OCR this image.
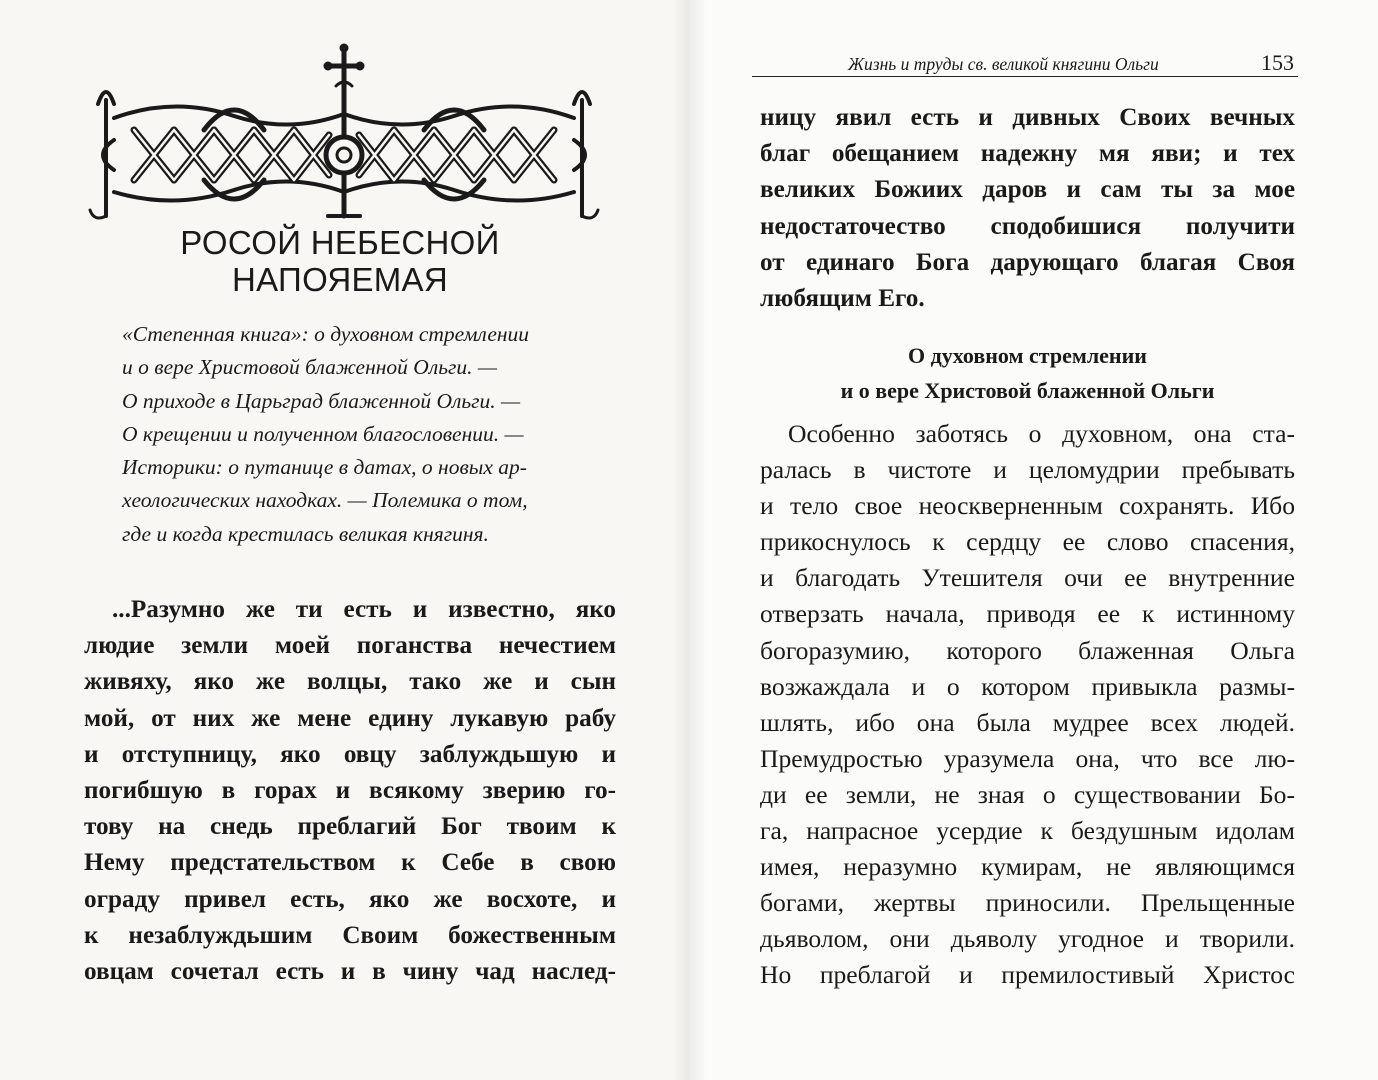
РОСОЙ НЕБЕСНОЙ
НАПОЯЕМАЯ
«Степенная книга»: о духовном стремлении
и о вере Христовой блаженной Ольги. —
О приходе в Царьград блаженной Ольги. —
О крещении и полученном благословении. —
Историки: о путанице в датах, о новых ар-
хеологических находках. — Полемика о том,
где и когда крестилась великая княгиня.
...Разумно же ти есть и известно, яко
людие земли моей поганства нечестием
живяху, яко же волцы, тако же и сын
мой, от них же мене едину лукавую рабу
и отступницу, яко овцу заблуждьшую и
погибшую в горах и всякому зверию го-
тову на снедь преблагий Бог твоим к
Нему предстательством к Себе в свою
ограду привел есть, яко же восхоте, и
к незаблуждьшим Своим божественным
овцам сочетал есть и в чину чад наслед-
Жизнь и труды св. великой княгини Ольги	153
ницу явил есть и дивных Своих вечных
благ обещанием надежну мя яви; и тех
великих Божиих даров и сам ты за мое
недостаточество сподобишися получити
от единаго Бога дарующаго благая Своя
любящим Его.
О духовном стремлении
и о вере Христовой блаженной Ольги
Особенно заботясь о духовном, она ста-
ралась в чистоте и целомудрии пребывать
и тело свое неоскверненным сохранять. Ибо
прикоснулось к сердцу ее слово спасения,
и благодать Утешителя очи ее внутренние
отверзать начала, приводя ее к истинному
богоразумию, которого блаженная Ольга
возжаждала и о котором привыкла размы-
шлять, ибо она была мудрее всех людей.
Премудростью уразумела она, что все лю-
ди ее земли, не зная о существовании Бо-
га, напрасное усердие к бездушным идолам
имея, неразумно кумирам, не являющимся
богами, жертвы приносили. Прельщенные
дьяволом, они дьяволу угодное и творили.
Но преблагой и премилостивый Христос
